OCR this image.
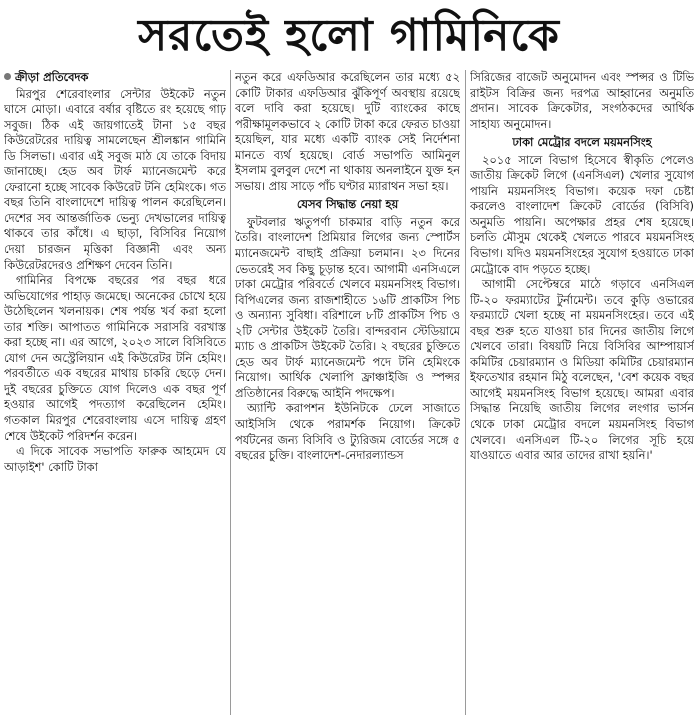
সরতেই হলো গামিনিকে
ক্রীড়া প্রতিবেদক

মিরপুর শেরেবাংলার সেন্টার উইকেট নতুন ঘাসে মোড়া। এবারে বর্ষার বৃষ্টিতে রং হয়েছে গাঢ় সবুজ। ঠিক এই জায়গাতেই টানা ১৫ বছর কিউরেটরের দায়িত্ব সামলেছেন শ্রীলঙ্কান গামিনি ডি সিলভা। এবার এই সবুজ মাঠ যে তাকে বিদায় জানাচ্ছে। হেড অব টার্ফ ম্যানেজমেন্ট করে ফেরানো হচ্ছে সাবেক কিউরেট টনি হেমিংকে। গত বছর তিনি বাংলাদেশে দায়িত্ব পালন করেছিলেন। দেশের সব আন্তর্জাতিক ভেন্যু দেখভালের দায়িত্ব থাকবে তার কাঁধে। এ ছাড়া, বিসিবির নিয়োগ দেয়া চারজন মৃত্তিকা বিজ্ঞানী এবং অন্য কিউরেটরদেরও প্রশিক্ষণ দেবেন তিনি।

গামিনির বিপক্ষে বছরের পর বছর ধরে অভিযোগের পাহাড় জমেছে। অনেকের চোখে হয়ে উঠেছিলেন খলনায়ক। শেষ পর্যন্ত খর্ব করা হলো তার শক্তি। আপাতত গামিনিকে সরাসরি বরখাস্ত করা হচ্ছে না। এর আগে, ২০২৩ সালে বিসিবিতে যোগ দেন অস্ট্রেলিয়ান এই কিউরেটর টনি হেমিং। পরবর্তীতে এক বছরের মাথায় চাকরি ছেড়ে দেন। দুই বছরের চুক্তিতে যোগ দিলেও এক বছর পূর্ণ হওয়ার আগেই পদত্যাগ করেছিলেন হেমিং। গতকাল মিরপুর শেরেবাংলায় এসে দায়িত্ব গ্রহণ শেষে উইকেট পরিদর্শন করেন।

এ দিকে সাবেক সভাপতি ফারুক আহমেদ যে আড়াইশ' কোটি টাকা

নতুন করে এফডিআর করেছিলেন তার মধ্যে ৫২ কোটি টাকার এফডিআর ঝুঁকিপূর্ণ অবস্থায় রয়েছে বলে দাবি করা হয়েছে। দুটি ব্যাংকের কাছে পরীক্ষামূলকভাবে ২ কোটি টাকা করে ফেরত চাওয়া হয়েছিল, যার মধ্যে একটি ব্যাংক সেই নির্দেশনা মানতে ব্যর্থ হয়েছে। বোর্ড সভাপতি আমিনুল ইসলাম বুলবুল দেশে না থাকায় অনলাইনে যুক্ত হন সভায়। প্রায় সাড়ে পাঁচ ঘণ্টার ম্যারাথন সভা হয়।

যেসব সিদ্ধান্ত নেয়া হয়

ফুটবলার ঋতুপর্ণা চাকমার বাড়ি নতুন করে তৈরি। বাংলাদেশ প্রিমিয়ার লিগের জন্য স্পোর্টস ম্যানেজমেন্ট বাছাই প্রক্রিয়া চলমান। ২৩ দিনের ভেতরেই সব কিছু চূড়ান্ত হবে। আগামী এনসিএলে ঢাকা মেট্রোর পরিবর্তে খেলবে ময়মনসিংহ বিভাগ। বিপিএলের জন্য রাজশাহীতে ১৬টি প্রাকটিস পিচ ও অন্যান্য সুবিধা। বরিশালে ৮টি প্রাকটিস পিচ ও ২টি সেন্টার উইকেট তৈরি। বান্দরবান স্টেডিয়ামে ম্যাচ ও প্রাকটিস উইকেট তৈরি। ২ বছরের চুক্তিতে হেড অব টার্ফ ম্যানেজমেন্ট পদে টনি হেমিংকে নিয়োগ। আর্থিক খেলাপি ফ্রাঞ্চাইজি ও স্পন্সর প্রতিষ্ঠানের বিরুদ্ধে আইনি পদক্ষেপ।

অ্যান্টি করাপশন ইউনিটকে ঢেলে সাজাতে আইসিসি থেকে পরামর্শক নিয়োগ। ক্রিকেট পর্যটনের জন্য বিসিবি ও ট্যুরিজম বোর্ডের সঙ্গে ৫ বছরের চুক্তি। বাংলাদেশ-নেদারল্যান্ডস

সিরিজের বাজেট অনুমোদন এবং স্পন্সর ও টিভি রাইটস বিক্রির জন্য দরপত্র আহ্বানের অনুমতি প্রদান। সাবেক ক্রিকেটার, সংগঠকদের আর্থিক সাহায্য অনুমোদন।

ঢাকা মেট্রোর বদলে ময়মনসিংহ

২০১৫ সালে বিভাগ হিসেবে স্বীকৃতি পেলেও জাতীয় ক্রিকেট লিগে (এনসিএল) খেলার সুযোগ পায়নি ময়মনসিংহ বিভাগ। কয়েক দফা চেষ্টা করলেও বাংলাদেশ ক্রিকেট বোর্ডের (বিসিবি) অনুমতি পায়নি। অপেক্ষার প্রহর শেষ হয়েছে। চলতি মৌসুম থেকেই খেলতে পারবে ময়মনসিংহ বিভাগ। যদিও ময়মনসিংহের সুযোগ হওয়াতে ঢাকা মেট্রোকে বাদ পড়তে হচ্ছে।

আগামী সেপ্টেম্বরে মাঠে গড়াবে এনসিএল টি-২০ ফরম্যাটের টুর্নামেন্ট। তবে কুড়ি ওভারের ফরম্যাটে খেলা হচ্ছে না ময়মনসিংহের। তবে এই বছর শুরু হতে যাওয়া চার দিনের জাতীয় লিগে খেলবে তারা। বিষয়টি নিয়ে বিসিবির আম্পায়ার্স কমিটির চেয়ারম্যান ও মিডিয়া কমিটির চেয়ারম্যান ইফতেখার রহমান মিঠু বলেছেন, 'বেশ কয়েক বছর আগেই ময়মনসিংহ বিভাগ হয়েছে। আমরা এবার সিদ্ধান্ত নিয়েছি জাতীয় লিগের লংগার ভার্সন থেকে ঢাকা মেট্রোর বদলে ময়মনসিংহ বিভাগ খেলবে। এনসিএল টি-২০ লিগের সূচি হয়ে যাওয়াতে এবার আর তাদের রাখা হয়নি।'
